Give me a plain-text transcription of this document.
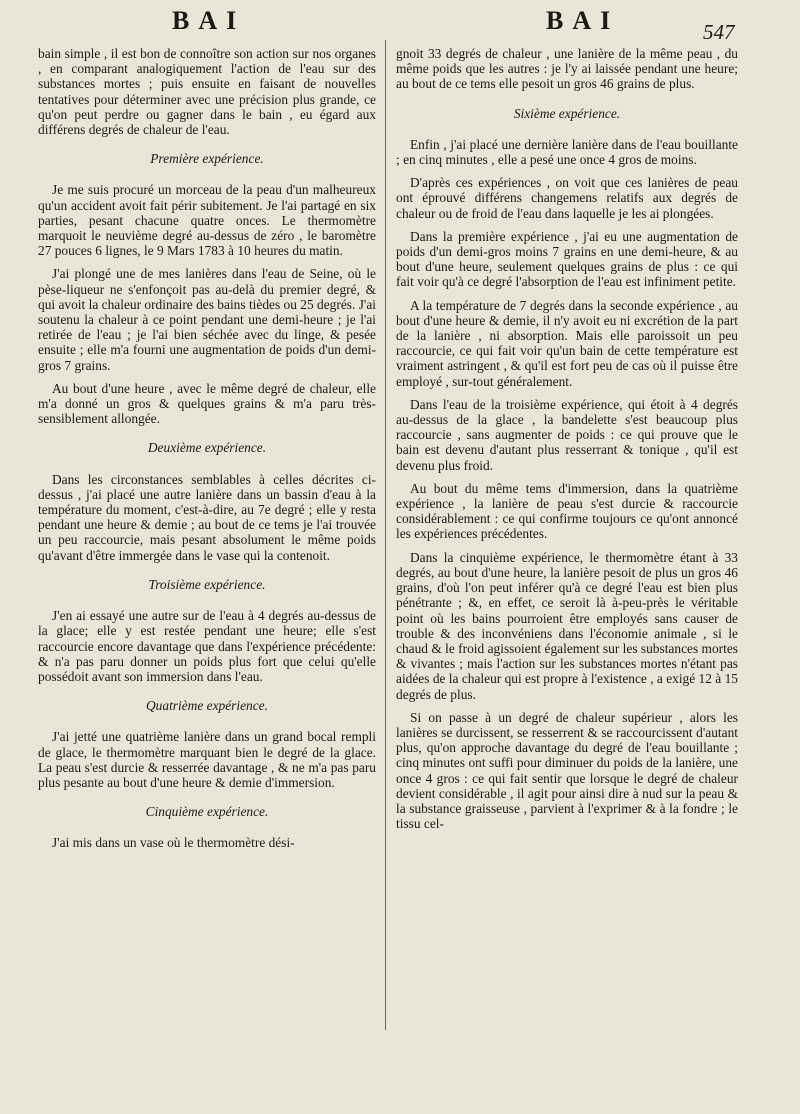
BAI	BAI	547

bain simple , il est bon de connoître son action sur nos organes , en comparant analogiquement l'action de l'eau sur des substances mortes ; puis ensuite en faisant de nouvelles tentatives pour déterminer avec une précision plus grande, ce qu'on peut perdre ou gagner dans le bain , eu égard aux différens degrés de chaleur de l'eau.

Première expérience.

Je me suis procuré un morceau de la peau d'un malheureux qu'un accident avoit fait périr subitement. Je l'ai partagé en six parties, pesant chacune quatre onces. Le thermomètre marquoit le neuvième degré au-dessus de zéro , le baromètre 27 pouces 6 lignes, le 9 Mars 1783 à 10 heures du matin.

J'ai plongé une de mes lanières dans l'eau de Seine, où le pèse-liqueur ne s'enfonçoit pas au-delà du premier degré, & qui avoit la chaleur ordinaire des bains tièdes ou 25 degrés. J'ai soutenu la chaleur à ce point pendant une demi-heure ; je l'ai retirée de l'eau ; je l'ai bien séchée avec du linge, & pesée ensuite ; elle m'a fourni une augmentation de poids d'un demi-gros 7 grains.

Au bout d'une heure , avec le même degré de chaleur, elle m'a donné un gros & quelques grains & m'a paru très-sensiblement allongée.

Deuxième expérience.

Dans les circonstances semblables à celles décrites ci-dessus , j'ai placé une autre lanière dans un bassin d'eau à la température du moment, c'est-à-dire, au 7e degré ; elle y resta pendant une heure & demie ; au bout de ce tems je l'ai trouvée un peu raccourcie, mais pesant absolument le même poids qu'avant d'être immergée dans le vase qui la contenoit.

Troisième expérience.

J'en ai essayé une autre sur de l'eau à 4 degrés au-dessus de la glace; elle y est restée pendant une heure; elle s'est raccourcie encore davantage que dans l'expérience précédente: & n'a pas paru donner un poids plus fort que celui qu'elle possédoit avant son immersion dans l'eau.

Quatrième expérience.

J'ai jetté une quatrième lanière dans un grand bocal rempli de glace, le thermomètre marquant bien le degré de la glace. La peau s'est durcie & resserrée davantage , & ne m'a pas paru plus pesante au bout d'une heure & demie d'immersion.

Cinquième expérience.

J'ai mis dans un vase où le thermomètre dési-

gnoit 33 degrés de chaleur , une lanière de la même peau , du même poids que les autres : je l'y ai laissée pendant une heure; au bout de ce tems elle pesoit un gros 46 grains de plus.

Sixième expérience.

Enfin , j'ai placé une dernière lanière dans de l'eau bouillante ; en cinq minutes , elle a pesé une once 4 gros de moins.

D'après ces expériences , on voit que ces lanières de peau ont éprouvé différens changemens relatifs aux degrés de chaleur ou de froid de l'eau dans laquelle je les ai plongées.

Dans la première expérience , j'ai eu une augmentation de poids d'un demi-gros moins 7 grains en une demi-heure, & au bout d'une heure, seulement quelques grains de plus : ce qui fait voir qu'à ce degré l'absorption de l'eau est infiniment petite.

A la température de 7 degrés dans la seconde expérience , au bout d'une heure & demie, il n'y avoit eu ni excrétion de la part de la lanière , ni absorption. Mais elle paroissoit un peu raccourcie, ce qui fait voir qu'un bain de cette température est vraiment astringent , & qu'il est fort peu de cas où il puisse être employé , sur-tout généralement.

Dans l'eau de la troisième expérience, qui étoit à 4 degrés au-dessus de la glace , la bandelette s'est beaucoup plus raccourcie , sans augmenter de poids : ce qui prouve que le bain est devenu d'autant plus resserrant & tonique , qu'il est devenu plus froid.

Au bout du même tems d'immersion, dans la quatrième expérience , la lanière de peau s'est durcie & raccourcie considérablement : ce qui confirme toujours ce qu'ont annoncé les expériences précédentes.

Dans la cinquième expérience, le thermomètre étant à 33 degrés, au bout d'une heure, la lanière pesoit de plus un gros 46 grains, d'où l'on peut inférer qu'à ce degré l'eau est bien plus pénétrante ; &, en effet, ce seroit là à-peu-près le véritable point où les bains pourroient être employés sans causer de trouble & des inconvéniens dans l'économie animale , si le chaud & le froid agissoient également sur les substances mortes & vivantes ; mais l'action sur les substances mortes n'étant pas aidées de la chaleur qui est propre à l'existence , a exigé 12 à 15 degrés de plus.

Si on passe à un degré de chaleur supérieur , alors les lanières se durcissent, se resserrent & se raccourcissent d'autant plus, qu'on approche davantage du degré de l'eau bouillante ; cinq minutes ont suffi pour diminuer du poids de la lanière, une once 4 gros : ce qui fait sentir que lorsque le degré de chaleur devient considérable , il agit pour ainsi dire à nud sur la peau & la substance graisseuse , parvient à l'exprimer & à la fondre ; le tissu cel-
